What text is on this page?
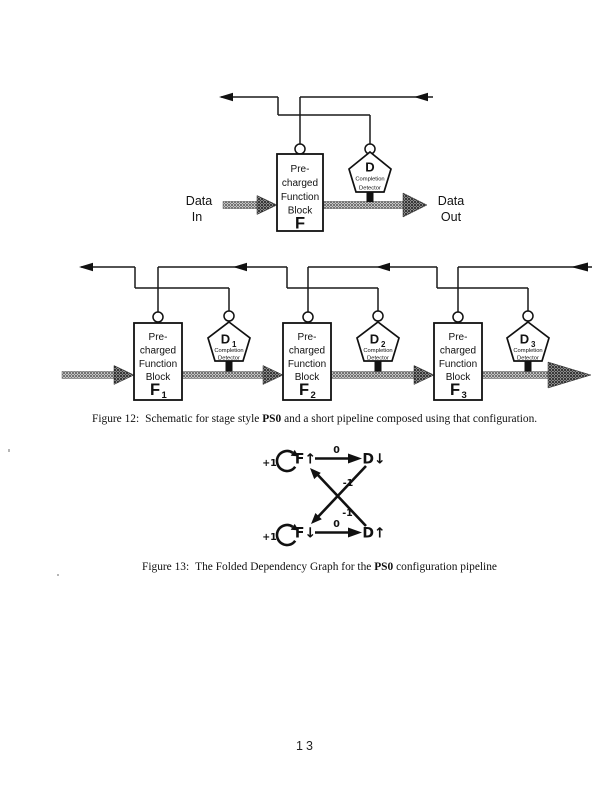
Pre-
charged
Function
Block
F
D
Completion
Detector
Data
In
Data
Out
Pre-
charged
Function
Block
F 1
D 1
Completion
Detector
Pre-
charged
Function
Block
F 2
D 2
Completion
Detector
Pre-
charged
Function
Block
F 3
D 3
Completion
Detector
+1
+1
0
0
-1
-1
F↑	D↓
F↓	D↑
Figure 12: Schematic for stage style PS0 and a short pipeline composed using that configuration.
Figure 13: The Folded Dependency Graph for the PS0 configuration pipeline
13
